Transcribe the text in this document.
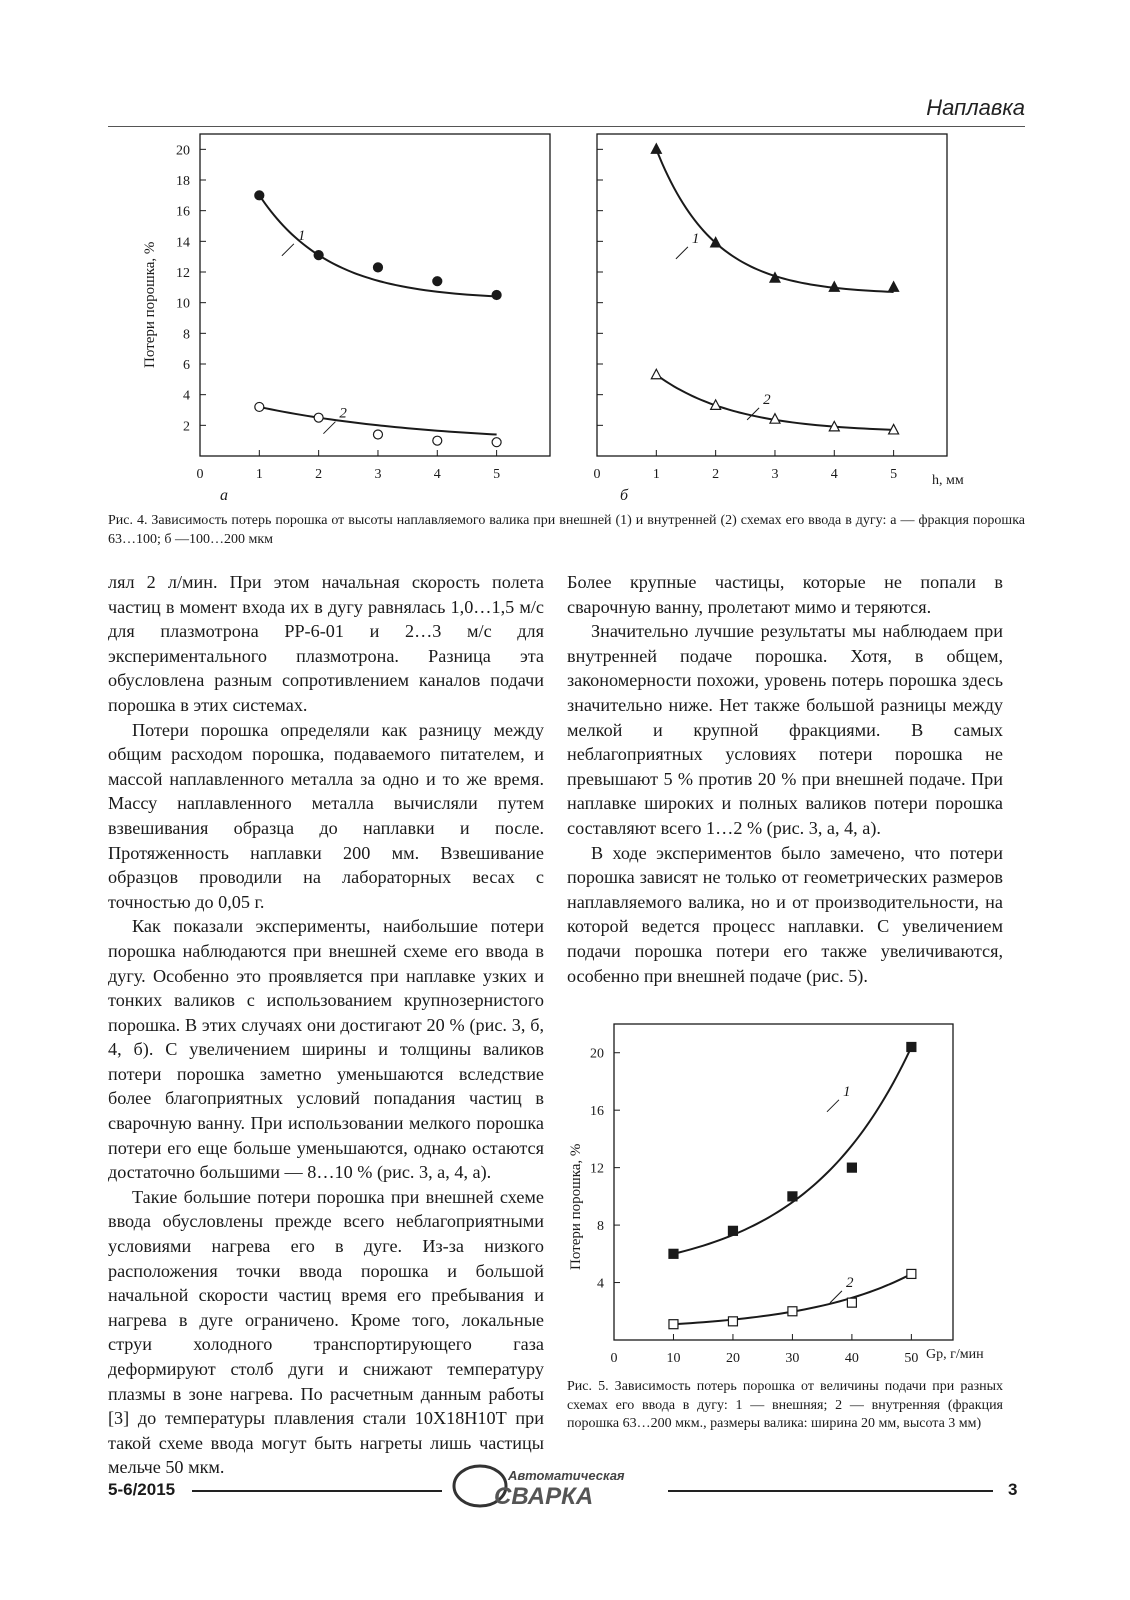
Наплавка
2
4
6
8
10
12
14
16
18
20
0	1	2	3	4	5
1
2
Потери порошка, %
а
0	1	2	3	4	5
1
2
h, мм
б
Рис. 4. Зависимость потерь порошка от высоты наплавляемого валика при внешней (1) и внутренней (2) схемах его ввода в дугу: а — фракция порошка 63…100; б —100…200 мкм

лял 2 л/мин. При этом начальная скорость полета частиц в момент входа их в дугу равнялась 1,0…1,5 м/с для плазмотрона РР-6-01 и 2…3 м/с для экспериментального плазмотрона. Разница эта обусловлена разным сопротивлением каналов подачи порошка в этих системах.

Потери порошка определяли как разницу между общим расходом порошка, подаваемого питателем, и массой наплавленного металла за одно и то же время. Массу наплавленного металла вычисляли путем взвешивания образца до наплавки и после. Протяженность наплавки 200 мм. Взвешивание образцов проводили на лабораторных весах с точностью до 0,05 г.

Как показали эксперименты, наибольшие потери порошка наблюдаются при внешней схеме его ввода в дугу. Особенно это проявляется при наплавке узких и тонких валиков с использованием крупнозернистого порошка. В этих случаях они достигают 20 % (рис. 3, б, 4, б). С увеличением ширины и толщины валиков потери порошка заметно уменьшаются вследствие более благоприятных условий попадания частиц в сварочную ванну. При использовании мелкого порошка потери его еще больше уменьшаются, однако остаются достаточно большими — 8…10 % (рис. 3, а, 4, а).

Такие большие потери порошка при внешней схеме ввода обусловлены прежде всего неблагоприятными условиями нагрева его в дуге. Из-за низкого расположения точки ввода порошка и большой начальной скорости частиц время его пребывания и нагрева в дуге ограничено. Кроме того, локальные струи холодного транспортирующего газа деформируют столб дуги и снижают температуру плазмы в зоне нагрева. По расчетным данным работы [3] до температуры плавления стали 10Х18Н10Т при такой схеме ввода могут быть нагреты лишь частицы мельче 50 мкм.

Более крупные частицы, которые не попали в сварочную ванну, пролетают мимо и теряются.

Значительно лучшие результаты мы наблюдаем при внутренней подаче порошка. Хотя, в общем, закономерности похожи, уровень потерь порошка здесь значительно ниже. Нет также большой разницы между мелкой и крупной фракциями. В самых неблагоприятных условиях потери порошка не превышают 5 % против 20 % при внешней подаче. При наплавке широких и полных валиков потери порошка составляют всего 1…2 % (рис. 3, а, 4, а).

В ходе экспериментов было замечено, что потери порошка зависят не только от геометрических размеров наплавляемого валика, но и от производительности, на которой ведется процесс наплавки. С увеличением подачи порошка потери его также увеличиваются, особенно при внешней подаче (рис. 5).

4
8
12
16
20
0	10	20	30	40	50
1
2
Потери порошка, %
Gp, г/мин
Рис. 5. Зависимость потерь порошка от величины подачи при разных схемах его ввода в дугу: 1 — внешняя; 2 — внутренняя (фракция порошка 63…200 мкм., размеры валика: ширина 20 мм, высота 3 мм)
5-6/2015
Автоматическая
СВАРКА	3
